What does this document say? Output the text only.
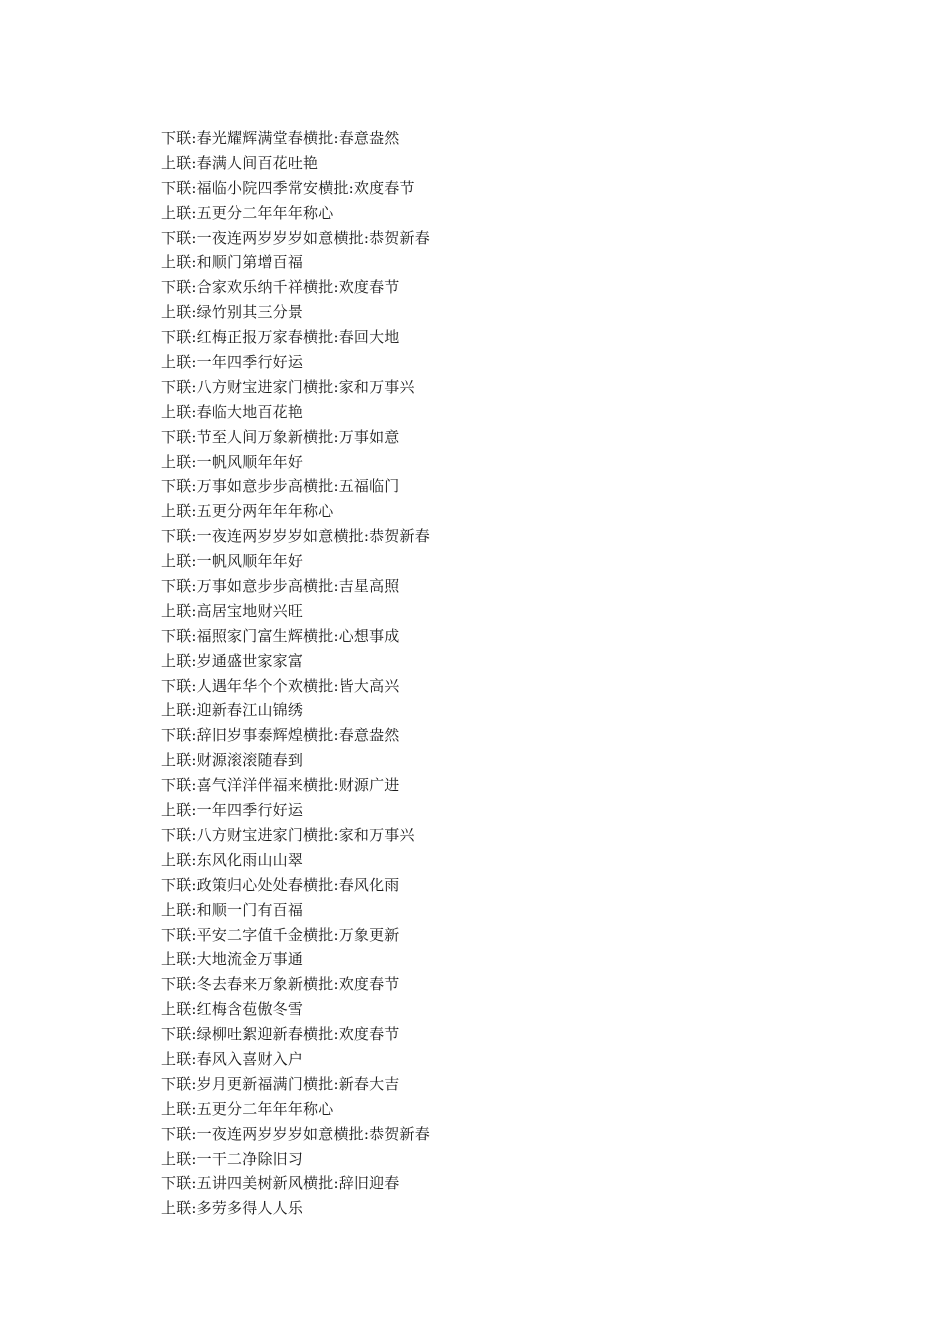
下联:春光耀辉满堂春横批:春意盎然
上联:春满人间百花吐艳
下联:福临小院四季常安横批:欢度春节
上联:五更分二年年年称心
下联:一夜连两岁岁岁如意横批:恭贺新春
上联:和顺门第增百福
下联:合家欢乐纳千祥横批:欢度春节
上联:绿竹别其三分景
下联:红梅正报万家春横批:春回大地
上联:一年四季行好运
下联:八方财宝进家门横批:家和万事兴
上联:春临大地百花艳
下联:节至人间万象新横批:万事如意
上联:一帆风顺年年好
下联:万事如意步步高横批:五福临门
上联:五更分两年年年称心
下联:一夜连两岁岁岁如意横批:恭贺新春
上联:一帆风顺年年好
下联:万事如意步步高横批:吉星高照
上联:高居宝地财兴旺
下联:福照家门富生辉横批:心想事成
上联:岁通盛世家家富
下联:人遇年华个个欢横批:皆大高兴
上联:迎新春江山锦绣
下联:辞旧岁事泰辉煌横批:春意盎然
上联:财源滚滚随春到
下联:喜气洋洋伴福来横批:财源广进
上联:一年四季行好运
下联:八方财宝进家门横批:家和万事兴
上联:东风化雨山山翠
下联:政策归心处处春横批:春风化雨
上联:和顺一门有百福
下联:平安二字值千金横批:万象更新
上联:大地流金万事通
下联:冬去春来万象新横批:欢度春节
上联:红梅含苞傲冬雪
下联:绿柳吐絮迎新春横批:欢度春节
上联:春风入喜财入户
下联:岁月更新福满门横批:新春大吉
上联:五更分二年年年称心
下联:一夜连两岁岁岁如意横批:恭贺新春
上联:一干二净除旧习
下联:五讲四美树新风横批:辞旧迎春
上联:多劳多得人人乐
